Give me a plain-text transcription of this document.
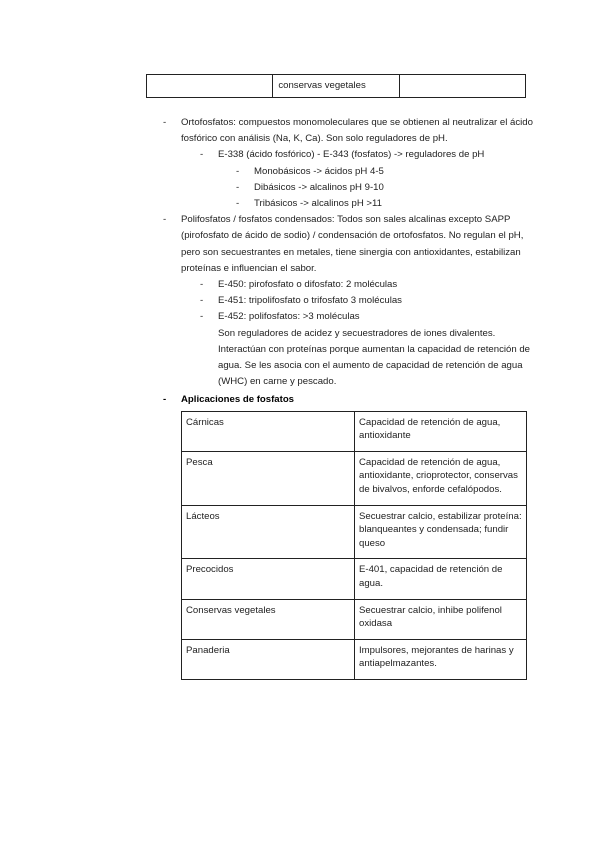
	conservas vegetales	
- Ortofosfatos: compuestos monomoleculares que se obtienen al neutralizar el ácido fosfórico con análisis (Na, K, Ca). Son solo reguladores de pH.
- E-338 (ácido fosfórico) - E-343 (fosfatos) -> reguladores de pH
- Monobásicos -> ácidos pH 4-5
- Dibásicos -> alcalinos pH 9-10
- Tribásicos -> alcalinos pH >11
- Polifosfatos / fosfatos condensados: Todos son sales alcalinas excepto SAPP (pirofosfato de ácido de sodio) / condensación de ortofosfatos. No regulan el pH, pero son secuestrantes en metales, tiene sinergia con antioxidantes, estabilizan proteínas e influencian el sabor.
- E-450: pirofosfato o difosfato: 2 moléculas
- E-451: tripolifosfato o trifosfato 3 moléculas
- E-452: polifosfatos: >3 moléculas
Son reguladores de acidez y secuestradores de iones divalentes. Interactúan con proteínas porque aumentan la capacidad de retención de agua. Se les asocia con el aumento de capacidad de retención de agua (WHC) en carne y pescado.
- Aplicaciones de fosfatos
Cárnicas	Capacidad de retención de agua, antioxidante
Pesca	Capacidad de retención de agua, antioxidante, crioprotector, conservas de bivalvos, enforde cefalópodos.
Lácteos	Secuestrar calcio, estabilizar proteína: blanqueantes y condensada; fundir queso
Precocidos	E-401, capacidad de retención de agua.
Conservas vegetales	Secuestrar calcio, inhibe polifenol oxidasa
Panaderia	Impulsores, mejorantes de harinas y antiapelmazantes.
